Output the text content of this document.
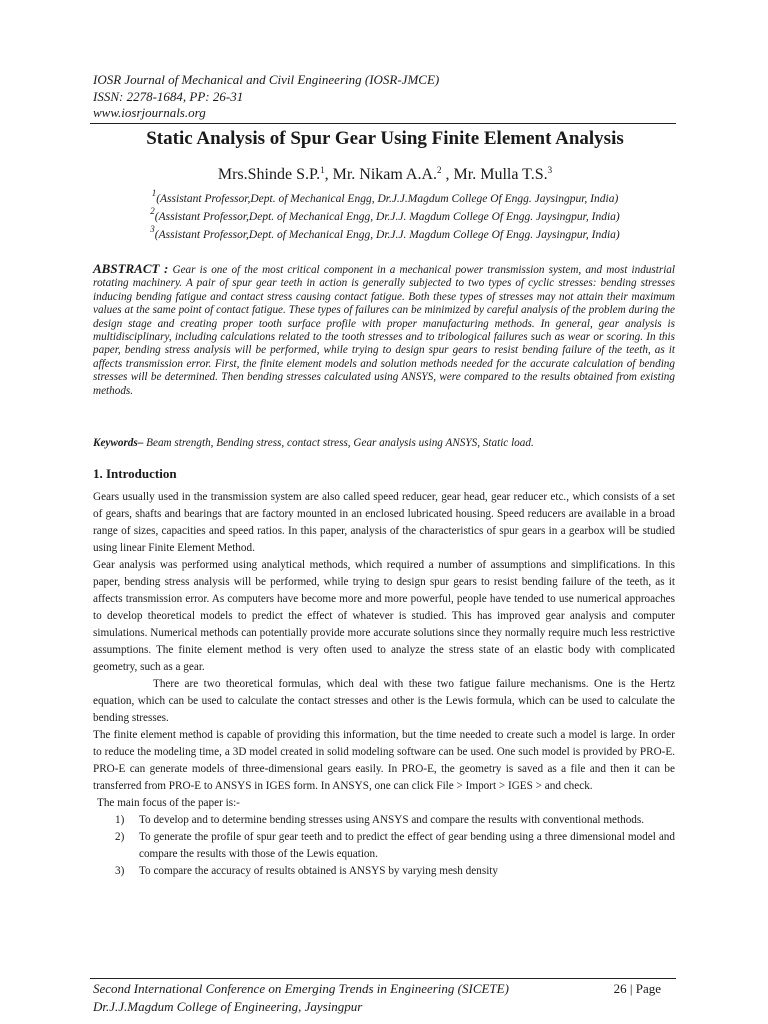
IOSR Journal of Mechanical and Civil Engineering (IOSR-JMCE)
ISSN: 2278-1684, PP: 26-31
www.iosrjournals.org
Static Analysis of Spur Gear Using Finite Element Analysis
Mrs.Shinde S.P.$^1$, Mr. Nikam A.A.$^2$ , Mr. Mulla T.S.$^3$
$^1$(Assistant Professor,Dept. of Mechanical Engg, Dr.J.J.Magdum College Of Engg. Jaysingpur, India)
$^2$(Assistant Professor,Dept. of Mechanical Engg, Dr.J.J. Magdum College Of Engg. Jaysingpur, India)
$^3$(Assistant Professor,Dept. of Mechanical Engg, Dr.J.J. Magdum College Of Engg. Jaysingpur, India)
ABSTRACT : Gear is one of the most critical component in a mechanical power transmission system, and most industrial rotating machinery. A pair of spur gear teeth in action is generally subjected to two types of cyclic stresses: bending stresses inducing bending fatigue and contact stress causing contact fatigue. Both these types of stresses may not attain their maximum values at the same point of contact fatigue. These types of failures can be minimized by careful analysis of the problem during the design stage and creating proper tooth surface profile with proper manufacturing methods. In general, gear analysis is multidisciplinary, including calculations related to the tooth stresses and to tribological failures such as wear or scoring. In this paper, bending stress analysis will be performed, while trying to design spur gears to resist bending failure of the teeth, as it affects transmission error. First, the finite element models and solution methods needed for the accurate calculation of bending stresses will be determined. Then bending stresses calculated using ANSYS, were compared to the results obtained from existing methods.
Keywords– Beam strength, Bending stress, contact stress, Gear analysis using ANSYS, Static load.
1. Introduction

Gears usually used in the transmission system are also called speed reducer, gear head, gear reducer etc., which consists of a set of gears, shafts and bearings that are factory mounted in an enclosed lubricated housing. Speed reducers are available in a broad range of sizes, capacities and speed ratios. In this paper, analysis of the characteristics of spur gears in a gearbox will be studied using linear Finite Element Method.

Gear analysis was performed using analytical methods, which required a number of assumptions and simplifications. In this paper, bending stress analysis will be performed, while trying to design spur gears to resist bending failure of the teeth, as it affects transmission error. As computers have become more and more powerful, people have tended to use numerical approaches to develop theoretical models to predict the effect of whatever is studied. This has improved gear analysis and computer simulations. Numerical methods can potentially provide more accurate solutions since they normally require much less restrictive assumptions. The finite element method is very often used to analyze the stress state of an elastic body with complicated geometry, such as a gear.

There are two theoretical formulas, which deal with these two fatigue failure mechanisms. One is the Hertz equation, which can be used to calculate the contact stresses and other is the Lewis formula, which can be used to calculate the bending stresses.

The finite element method is capable of providing this information, but the time needed to create such a model is large. In order to reduce the modeling time, a 3D model created in solid modeling software can be used. One such model is provided by PRO-E. PRO-E can generate models of three-dimensional gears easily. In PRO-E, the geometry is saved as a file and then it can be transferred from PRO-E to ANSYS in IGES form. In ANSYS, one can click File > Import > IGES > and check.

The main focus of the paper is:-

1) To develop and to determine bending stresses using ANSYS and compare the results with conventional methods.
2) To generate the profile of spur gear teeth and to predict the effect of gear bending using a three dimensional model and compare the results with those of the Lewis equation.
3) To compare the accuracy of results obtained is ANSYS by varying mesh density
Second International Conference on Emerging Trends in Engineering (SICETE)	26 | Page
Dr.J.J.Magdum College of Engineering, Jaysingpur
